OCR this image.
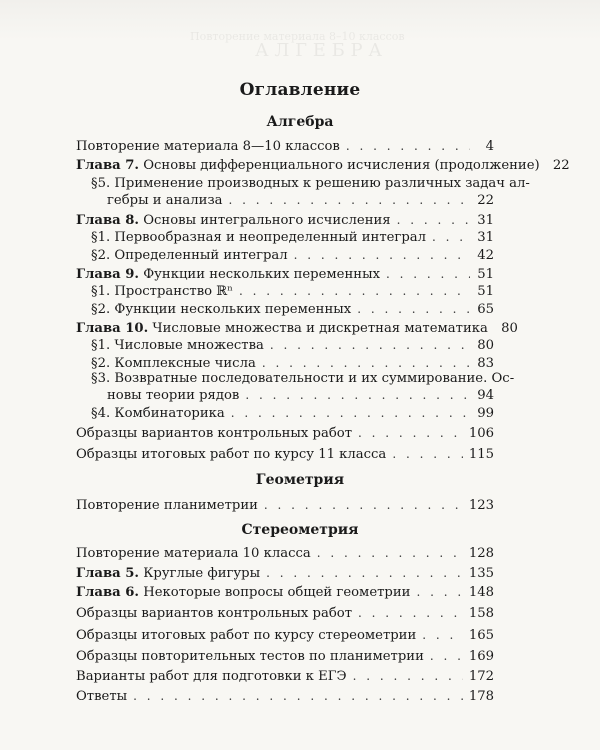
Повторение материала 8–10 классов
А Л Г Е Б Р А
Оглавление
Алгебра
Повторение материала 8—10 классов . . .	4
Глава 7. Основы дифференциального исчисления (продолжение) 22
§5. Применение производных к решению различных задач ал-
гебры и анализа . . .	22
Глава 8. Основы интегрального исчисления . . .	31
§1. Первообразная и неопределенный интеграл . . .	31
§2. Определенный интеграл . . .	42
Глава 9. Функции нескольких переменных . . .	51
§1. Пространство ℝⁿ . . .	51
§2. Функции нескольких переменных . . .	65
Глава 10. Числовые множества и дискретная математика 80
§1. Числовые множества . . .	80
§2. Комплексные числа . . .	83
§3. Возвратные последовательности и их суммирование. Ос-
новы теории рядов . . .	94
§4. Комбинаторика . . .	99
Образцы вариантов контрольных работ . . .	106
Образцы итоговых работ по курсу 11 класса . . .	115
Геометрия
Повторение планиметрии . . .	123
Стереометрия
Повторение материала 10 класса . . .	128
Глава 5. Круглые фигуры . . .	135
Глава 6. Некоторые вопросы общей геометрии . . .	148
Образцы вариантов контрольных работ . . .	158
Образцы итоговых работ по курсу стереометрии . . .	165
Образцы повторительных тестов по планиметрии . . .	169
Варианты работ для подготовки к ЕГЭ . . .	172
Ответы . . .	178
